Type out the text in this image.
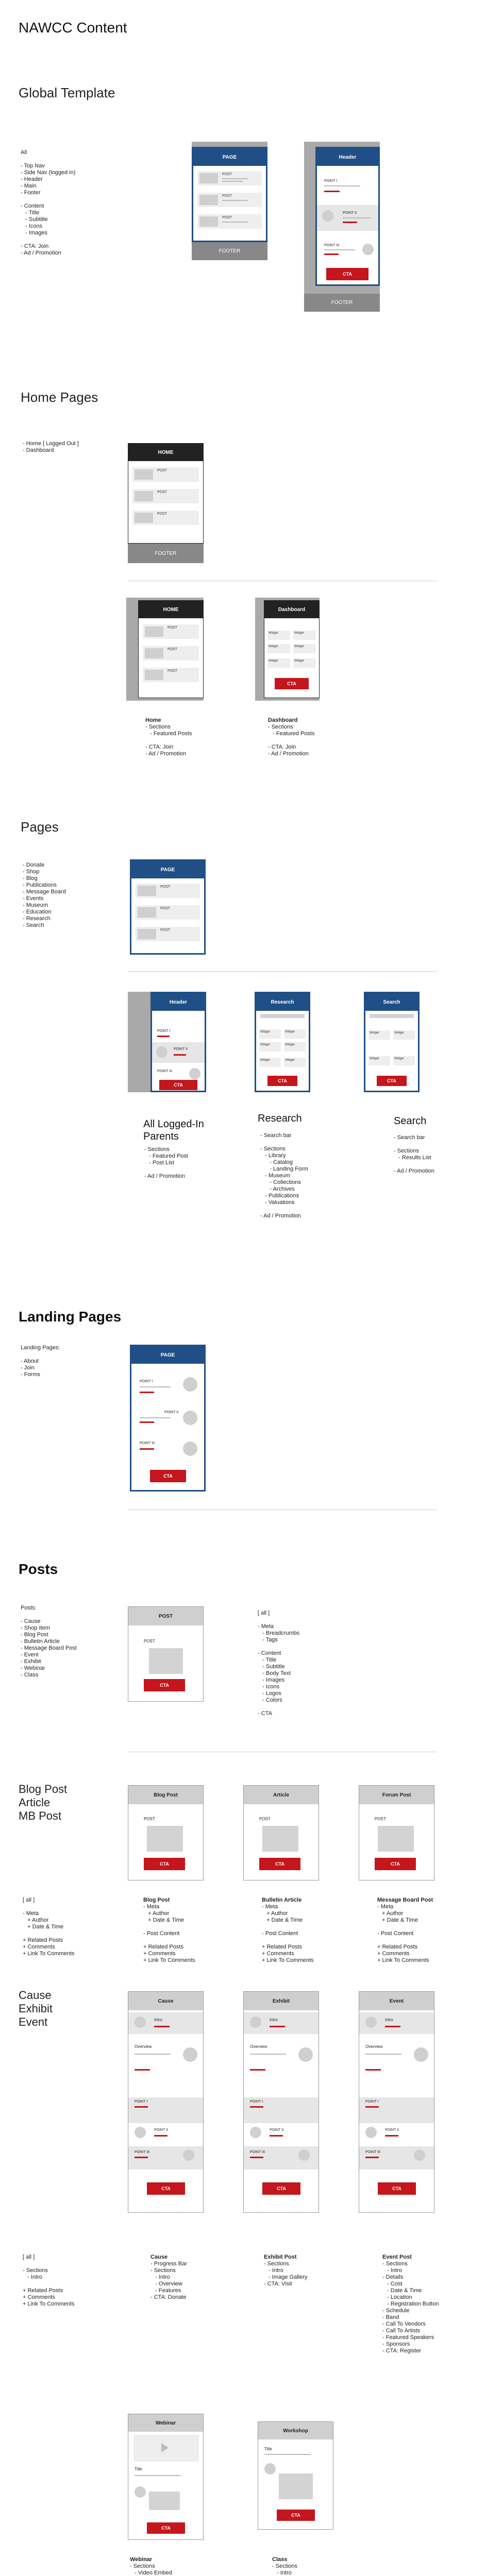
NAWCC Content
Global Template
All

- Top Nav
- Side Nav (logged in)
- Header
- Main
- Footer

- Content
- Title
- Subtitle
- Icons
- Images

- CTA: Join
- Ad / Promotion
PAGE
POST
POST
POST
FOOTER
Header
POINT I
POINT II
POINT III
CTA
FOOTER
Home Pages
- Home [ Logged Out ]
- Dashboard	HOME
POST
POST
POST
FOOTER
HOME
POST
POST
POST
Dashboard
Widget	Widget
Widget	Widget
Widget	Widget
CTA
Home
- Sections
- Featured Posts

- CTA: Join
- Ad / Promotion
Dashboard
- Sections
- Featured Posts

- CTA: Join
- Ad / Promotion
Pages
- Donate
- Shop
- Blog
- Publications
- Message Board
- Events
- Museum
- Education
- Research
- Search
PAGE
POST
POST
POST
Header
POINT I
POINT II
POINT III
CTA
Research
Widget	Widget
Widget	Widget
Widget	Widget
CTA
Search
Widget	Widget
Widget	Widget
CTA
All Logged-In
Parents
- Sections
- Featured Post
- Post List

- Ad / Promotion
Research
- Search bar

- Sections
- Library
- Catalog
- Landing Form
- Museum
- Collections
- Archives
- Publications
- Valuations

- Ad / Promotion
Search
- Search bar

- Sections
- Results List

- Ad / Promotion
Landing Pages
Landing Pages:

- About
- Join
- Forms
PAGE
POINT I
POINT II
POINT III
CTA
Posts
Posts:

- Cause
- Shop Item
- Blog Post
- Bulletin Article
- Message Board Post
- Event
- Exhibit
- Webinar
- Class
POST
POST
CTA
[ all ]

- Meta
- Breadcrumbs
- Tags

- Content
- Title
- Subtitle
- Body Text
- Images
- Icons
- Logos
- Colors

- CTA
Blog Post
Article
MB Post
Blog Post
POST
CTA
Article
POST
CTA
Forum Post
POST
CTA
[ all ]

- Meta
+ Author
+ Date & Time

+ Related Posts
+ Comments
+ Link To Comments
Blog Post
- Meta
+ Author
+ Date & Time

- Post Content

+ Related Posts
+ Comments
+ Link To Comments
Bulletin Article
- Meta
+ Author
+ Date & Time

- Post Content

+ Related Posts
+ Comments
+ Link To Comments
Message Board Post
- Meta
+ Author
+ Date & Time

- Post Content

+ Related Posts
+ Comments
+ Link To Comments
Cause
Exhibit
Event
Cause
Intro
Overview
POINT I
POINT II
POINT III
CTA
Exhibit
Intro
Overview
POINT I
POINT II
POINT III
CTA
Event
Intro
Overview
POINT I
POINT II
POINT III
CTA
[ all ]

- Sections
- Intro

+ Related Posts
+ Comments
+ Link To Comments
Cause
- Progress Bar
- Sections
- Intro
- Overview
- Features
- CTA: Donate
Exhibit Post
- Sections
- Intro
- Image Gallery
- CTA: Visit
Event Post
- Sections
- Intro
- Details
- Cost
- Date & Time
- Location
- Registration Button
- Schedule
- Band
- Call To Vendors
- Call To Artists
- Featured Speakers
- Sponsors
- CTA: Register
Webinar
Title
CTA
Workshop
Title
CTA
Webinar
- Sections
- Video Embed

Class
- Sections
- Intro
